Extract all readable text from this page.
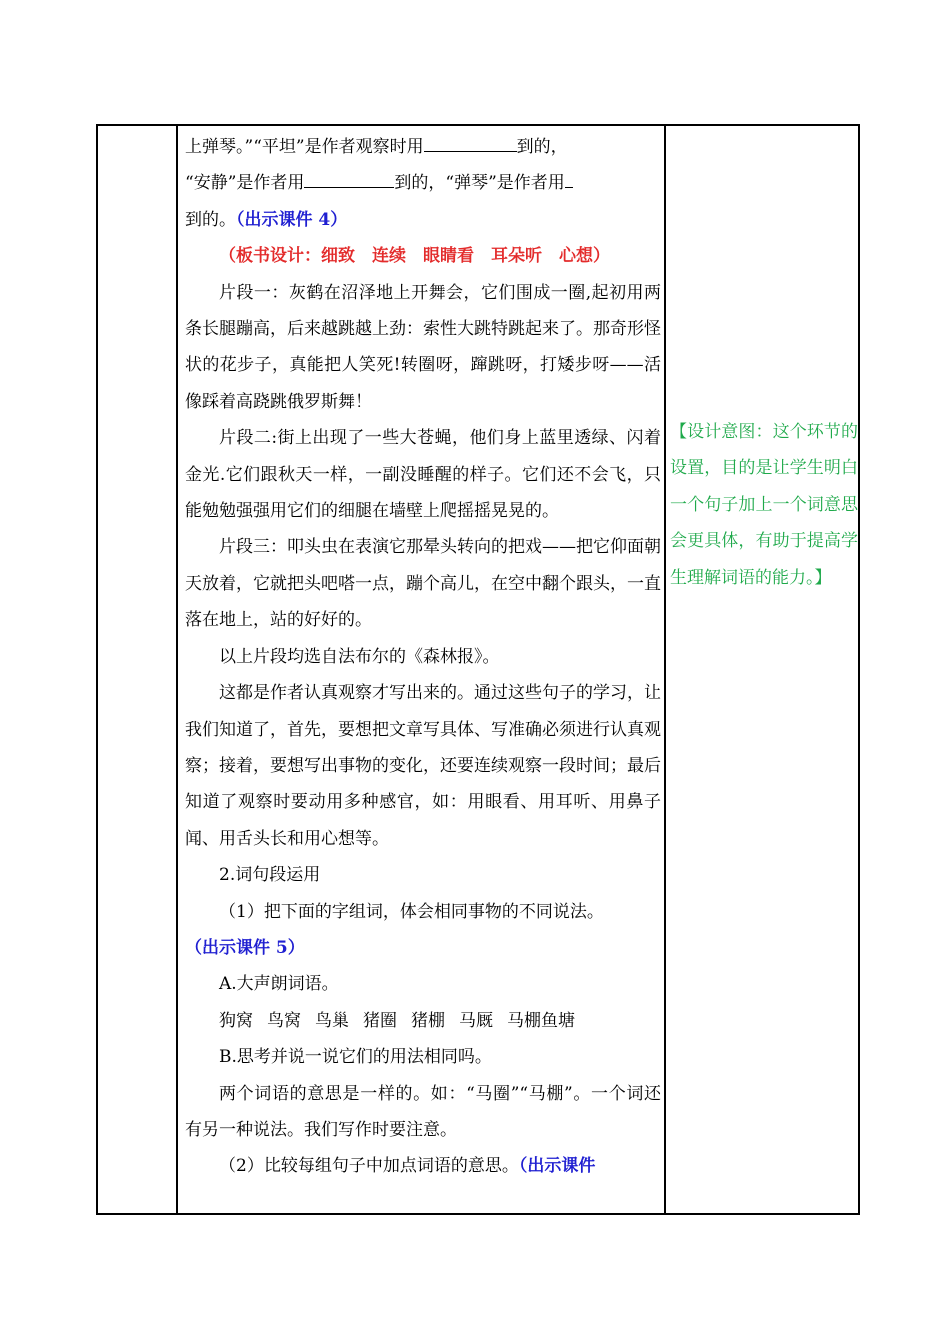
上弹琴。”“平坦”是作者观察时用	到的，
“安静”是作者用	到的，“弹琴”是作者用
到的。（出示课件 4）

（板书设计：细致　连续　眼睛看　耳朵听　心想）

片段一：灰鹤在沼泽地上开舞会，它们围成一圈,起初用两条长腿蹦高，后来越跳越上劲：索性大跳特跳起来了。那奇形怪状的花步子，真能把人笑死!转圈呀，蹿跳呀，打矮步呀——活像踩着高跷跳俄罗斯舞！

片段二:街上出现了一些大苍蝇，他们身上蓝里透绿、闪着金光.它们跟秋天一样，一副没睡醒的样子。它们还不会飞，只能勉勉强强用它们的细腿在墙壁上爬摇摇晃晃的。

片段三：叩头虫在表演它那晕头转向的把戏——把它仰面朝天放着，它就把头吧嗒一点，蹦个高儿，在空中翻个跟头，一直落在地上，站的好好的。

以上片段均选自法布尔的《森林报》。

这都是作者认真观察才写出来的。通过这些句子的学习，让我们知道了，首先，要想把文章写具体、写准确必须进行认真观察；接着，要想写出事物的变化，还要连续观察一段时间；最后知道了观察时要动用多种感官，如：用眼看、用耳听、用鼻子闻、用舌头长和用心想等。

2.词句段运用

（1）把下面的字组词，体会相同事物的不同说法。

（出示课件 5）

A.大声朗词语。

狗窝 鸟窝 鸟巢 猪圈 猪棚 马厩 马棚鱼塘

B.思考并说一说它们的用法相同吗。

两个词语的意思是一样的。如：“马圈”“马棚”。一个词还有另一种说法。我们写作时要注意。

（2）比较每组句子中加点词语的意思。（出示课件

【设计意图：这个环节的设置，目的是让学生明白一个句子加上一个词意思会更具体，有助于提高学生理解词语的能力。】
